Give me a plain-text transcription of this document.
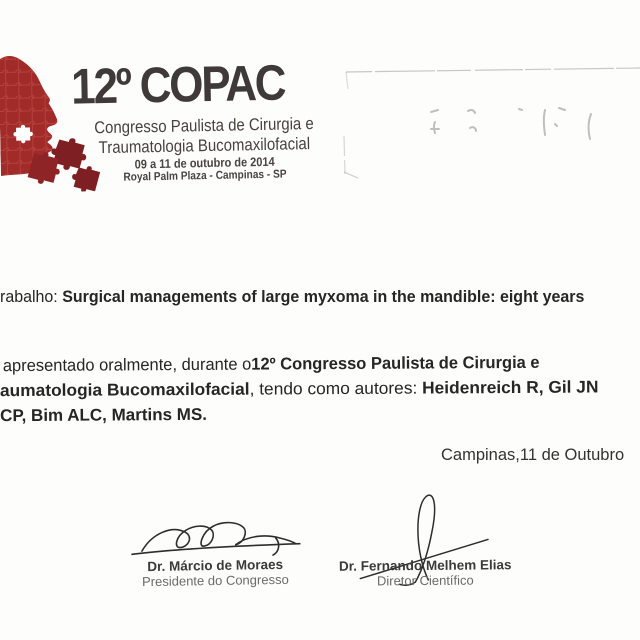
12º COPAC
Congresso Paulista de Cirurgia e
Traumatologia Bucomaxilofacial
09 a 11 de outubro de 2014
Royal Palm Plaza - Campinas - SP
rabalho: Surgical managements of large myxoma in the mandible: eight years
apresentado oralmente, durante o12º Congresso Paulista de Cirurgia e
aumatologia Bucomaxilofacial, tendo como autores: Heidenreich R, Gil JN
CP, Bim ALC, Martins MS.
Campinas,11 de Outubro
Dr. Márcio de Moraes
Presidente do Congresso
Dr. Fernando Melhem Elias
Diretor Científico
